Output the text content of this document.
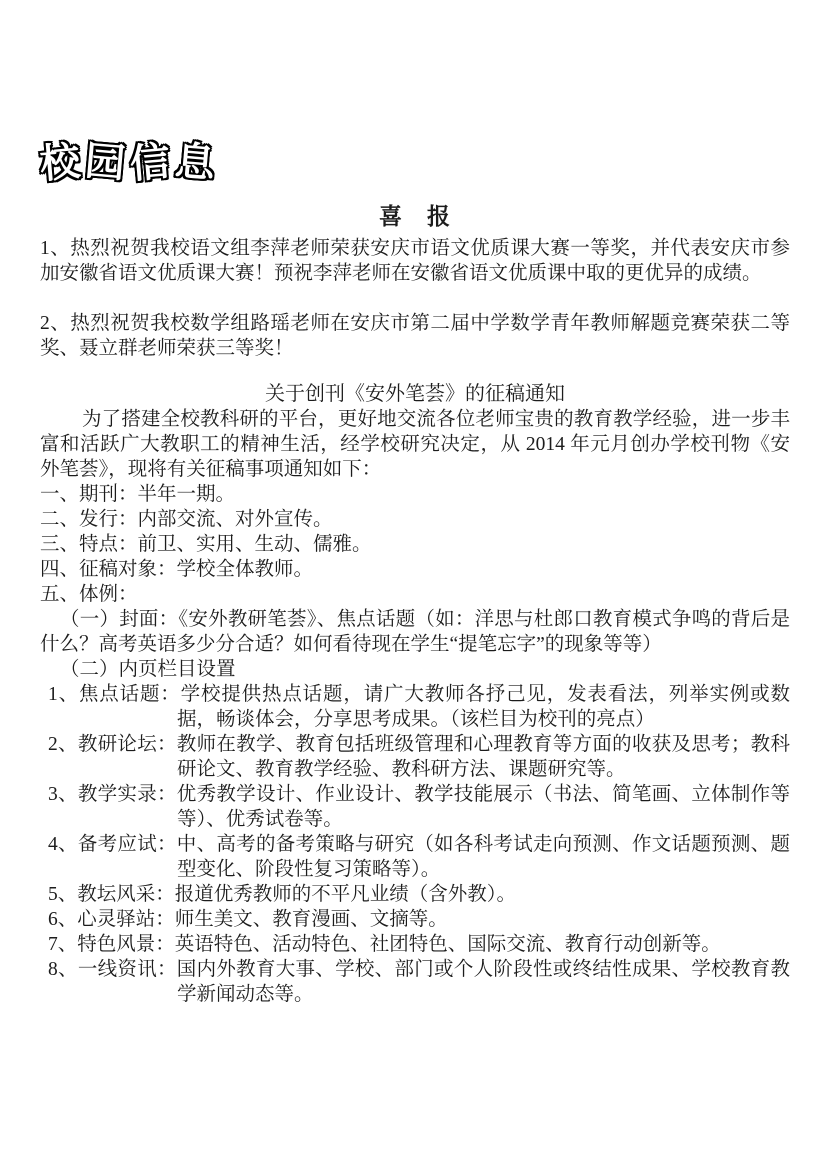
校园信息
喜　报

1、热烈祝贺我校语文组李萍老师荣获安庆市语文优质课大赛一等奖，并代表安庆市参加安徽省语文优质课大赛！预祝李萍老师在安徽省语文优质课中取的更优异的成绩。

2、热烈祝贺我校数学组路瑶老师在安庆市第二届中学数学青年教师解题竞赛荣获二等奖、聂立群老师荣获三等奖！

关于创刊《安外笔荟》的征稿通知

为了搭建全校教科研的平台，更好地交流各位老师宝贵的教育教学经验，进一步丰富和活跃广大教职工的精神生活，经学校研究决定，从 2014 年元月创办学校刊物《安外笔荟》，现将有关征稿事项通知如下：

一、期刊：半年一期。

二、发行：内部交流、对外宣传。

三、特点：前卫、实用、生动、儒雅。

四、征稿对象：学校全体教师。

五、体例：

（一）封面：《安外教研笔荟》、焦点话题（如：洋思与杜郎口教育模式争鸣的背后是什么？高考英语多少分合适？如何看待现在学生“提笔忘字”的现象等等）

（二）内页栏目设置

1、焦点话题：学校提供热点话题，请广大教师各抒己见，发表看法，列举实例或数据，畅谈体会，分享思考成果。（该栏目为校刊的亮点）

2、教研论坛：教师在教学、教育包括班级管理和心理教育等方面的收获及思考；教科研论文、教育教学经验、教科研方法、课题研究等。

3、教学实录：优秀教学设计、作业设计、教学技能展示（书法、简笔画、立体制作等等）、优秀试卷等。

4、备考应试：中、高考的备考策略与研究（如各科考试走向预测、作文话题预测、题型变化、阶段性复习策略等）。

5、教坛风采：报道优秀教师的不平凡业绩（含外教）。

6、心灵驿站：师生美文、教育漫画、文摘等。

7、特色风景：英语特色、活动特色、社团特色、国际交流、教育行动创新等。

8、一线资讯：国内外教育大事、学校、部门或个人阶段性或终结性成果、学校教育教学新闻动态等。
